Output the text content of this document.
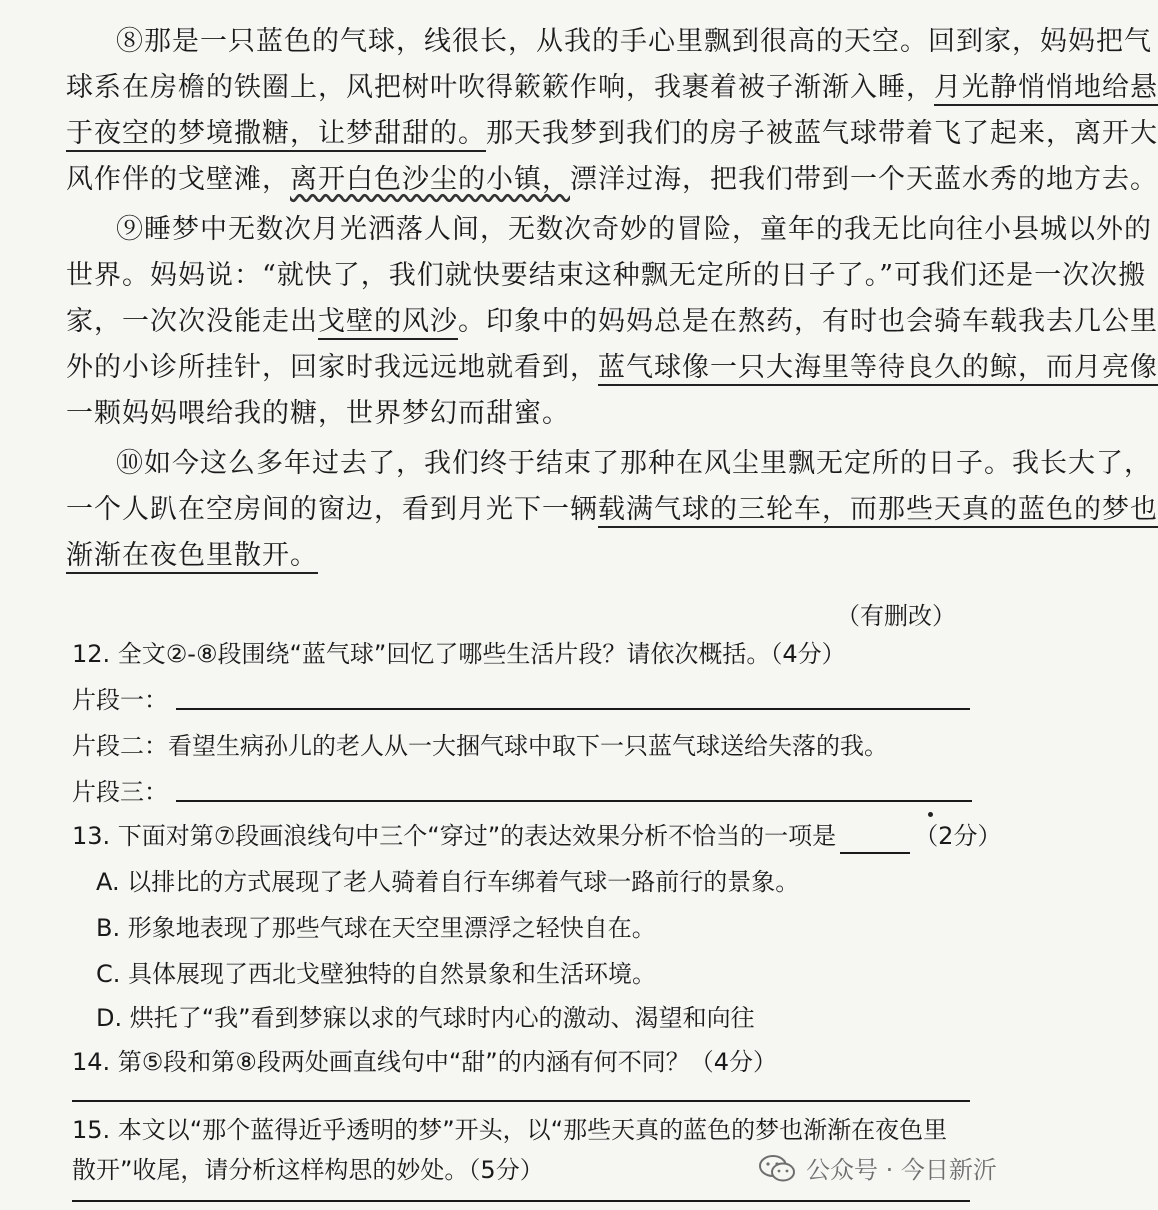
⑧那是一只蓝色的气球，线很长，从我的手心里飘到很高的天空。回到家，妈妈把气
球系在房檐的铁圈上，风把树叶吹得簌簌作响，我裹着被子渐渐入睡，月光静悄悄地给悬
于夜空的梦境撒糖，让梦甜甜的。那天我梦到我们的房子被蓝气球带着飞了起来，离开大
风作伴的戈壁滩，离开白色沙尘的小镇，漂洋过海，把我们带到一个天蓝水秀的地方去。
⑨睡梦中无数次月光洒落人间，无数次奇妙的冒险，童年的我无比向往小县城以外的
世界。妈妈说：“就快了，我们就快要结束这种飘无定所的日子了。”可我们还是一次次搬
家，一次次没能走出戈壁的风沙。印象中的妈妈总是在熬药，有时也会骑车载我去几公里
外的小诊所挂针，回家时我远远地就看到，蓝气球像一只大海里等待良久的鲸，而月亮像
一颗妈妈喂给我的糖，世界梦幻而甜蜜。
⑩如今这么多年过去了，我们终于结束了那种在风尘里飘无定所的日子。我长大了，
一个人趴在空房间的窗边，看到月光下一辆载满气球的三轮车，而那些天真的蓝色的梦也
渐渐在夜色里散开。
（有删改）
12. 全文②-⑧段围绕“蓝气球”回忆了哪些生活片段？请依次概括。（4分）
片段一：
片段二：看望生病孙儿的老人从一大捆气球中取下一只蓝气球送给失落的我。
片段三：
13. 下面对第⑦段画浪线句中三个“穿过”的表达效果分析不恰当的一项是	（2分）
A. 以排比的方式展现了老人骑着自行车绑着气球一路前行的景象。
B. 形象地表现了那些气球在天空里漂浮之轻快自在。
C. 具体展现了西北戈壁独特的自然景象和生活环境。
D. 烘托了“我”看到梦寐以求的气球时内心的激动、渴望和向往
14. 第⑤段和第⑧段两处画直线句中“甜”的内涵有何不同？（4分）
15. 本文以“那个蓝得近乎透明的梦”开头，以“那些天真的蓝色的梦也渐渐在夜色里
散开”收尾，请分析这样构思的妙处。（5分）	公众号 · 今日新沂
